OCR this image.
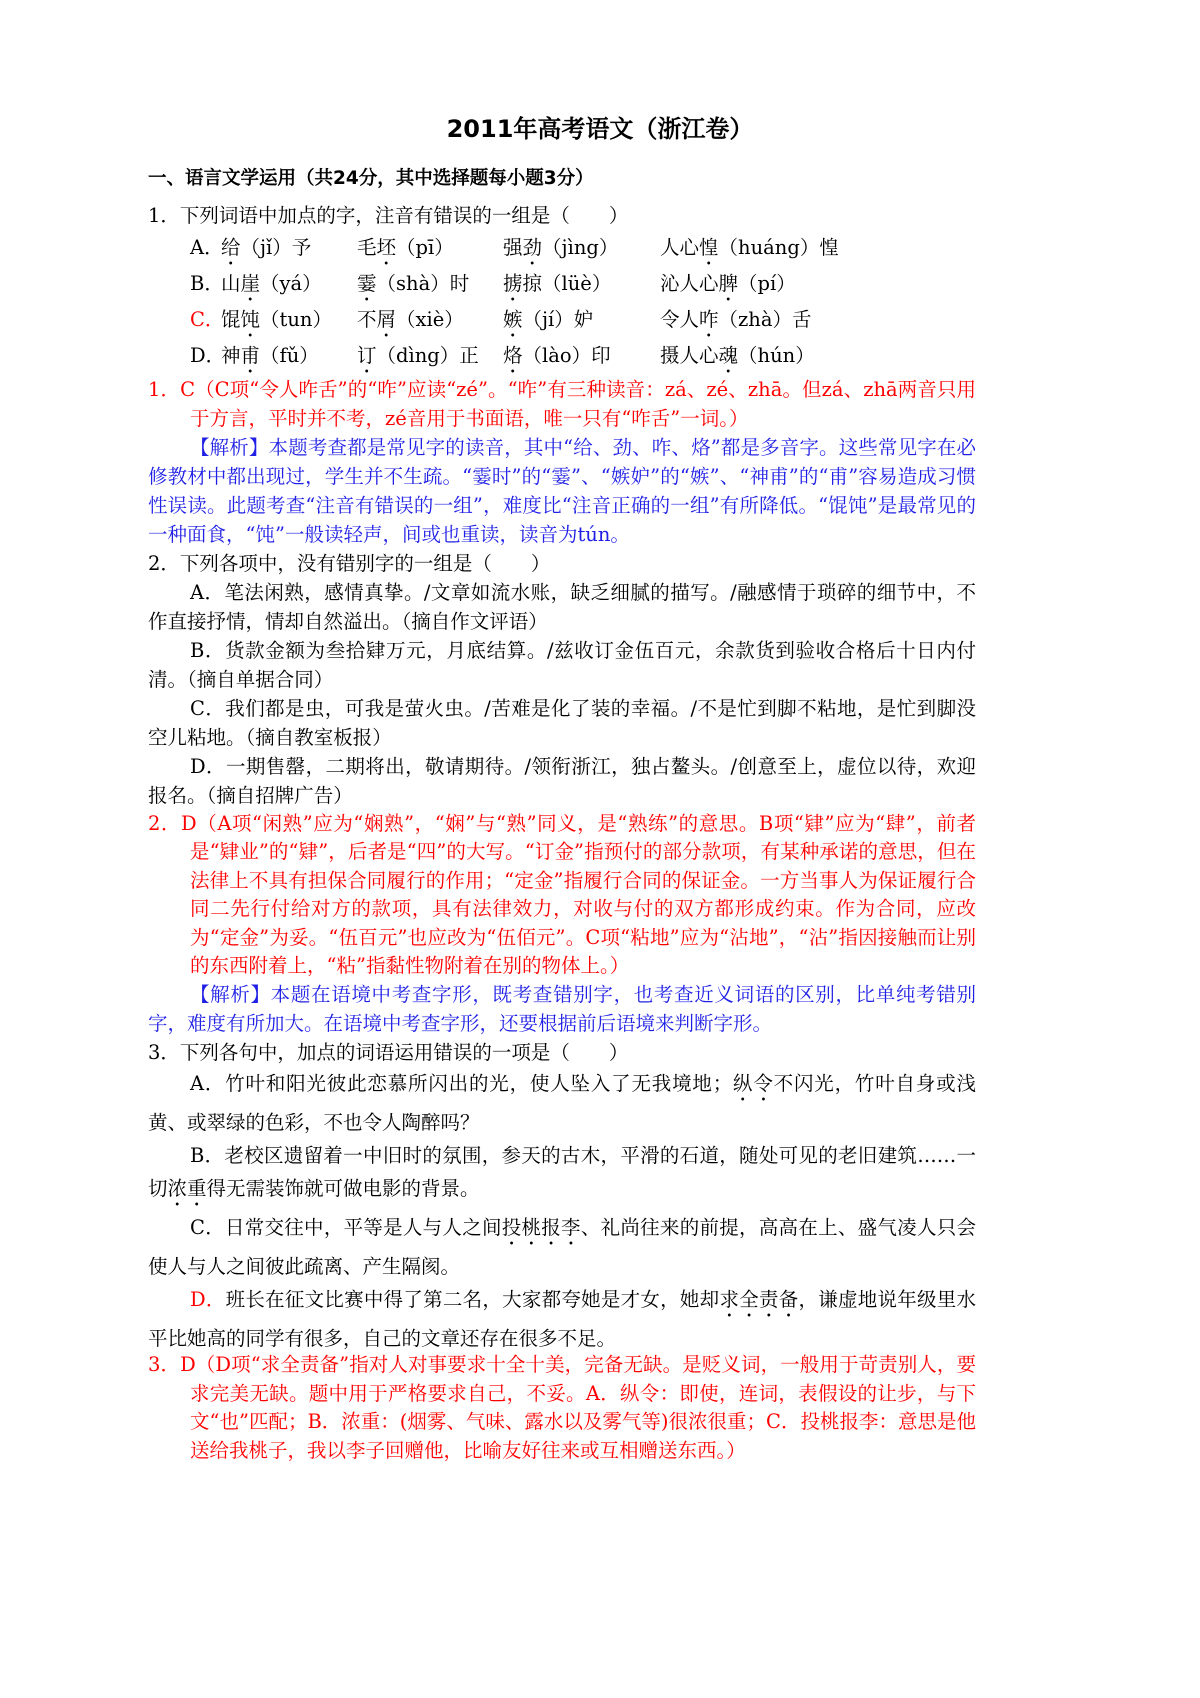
2011年高考语文（浙江卷）

一、语言文学运用（共24分，其中选择题每小题3分）

1．下列词语中加点的字，注音有错误的一组是（　　）

A．
给（jǐ）予 毛坯（pī）	强劲（jìng） 人心惶（huáng）惶
B．
山崖（yá） 霎（shà）时 掳掠（lüè） 沁人心脾（pí）
C．
馄饨（tun） 不屑（xiè） 嫉（jí）妒	令人咋（zhà）舌
D．
神甫（fǔ） 订（dìng）正 烙（lào）印	摄人心魂（hún）

1．C（C项“令人咋舌”的“咋”应读“zé”。“咋”有三种读音：zá、zé、zhā。但zá、zhā两音只用于方言，平时并不考，zé音用于书面语，唯一只有“咋舌”一词。）

【解析】本题考查都是常见字的读音，其中“给、劲、咋、烙”都是多音字。这些常见字在必修教材中都出现过，学生并不生疏。“霎时”的“霎”、“嫉妒”的“嫉”、“神甫”的“甫”容易造成习惯性误读。此题考查“注音有错误的一组”，难度比“注音正确的一组”有所降低。“馄饨”是最常见的一种面食，“饨”一般读轻声，间或也重读，读音为tún。

2．下列各项中，没有错别字的一组是（　　）

A．笔法闲熟，感情真挚。/文章如流水账，缺乏细腻的描写。/融感情于琐碎的细节中，不作直接抒情，情却自然溢出。（摘自作文评语）

B．货款金额为叁拾肄万元，月底结算。/兹收订金伍百元，余款货到验收合格后十日内付清。（摘自单据合同）

C．我们都是虫，可我是萤火虫。/苦难是化了装的幸福。/不是忙到脚不粘地，是忙到脚没空儿粘地。（摘自教室板报）

D．一期售罄，二期将出，敬请期待。/领衔浙江，独占鳌头。/创意至上，虚位以待，欢迎报名。（摘自招牌广告）

2．D（A项“闲熟”应为“娴熟”，“娴”与“熟”同义，是“熟练”的意思。B项“肄”应为“肆”，前者是“肄业”的“肄”，后者是“四”的大写。“订金”指预付的部分款项，有某种承诺的意思，但在法律上不具有担保合同履行的作用；“定金”指履行合同的保证金。一方当事人为保证履行合同二先行付给对方的款项，具有法律效力，对收与付的双方都形成约束。作为合同，应改为“定金”为妥。“伍百元”也应改为“伍佰元”。C项“粘地”应为“沾地”，“沾”指因接触而让别的东西附着上，“粘”指黏性物附着在别的物体上。）

【解析】本题在语境中考查字形，既考查错别字，也考查近义词语的区别，比单纯考错别字，难度有所加大。在语境中考查字形，还要根据前后语境来判断字形。

3．下列各句中，加点的词语运用错误的一项是（　　）

A．竹叶和阳光彼此恋慕所闪出的光，使人坠入了无我境地；纵令不闪光，竹叶自身或浅黄、或翠绿的色彩，不也令人陶醉吗？

B．老校区遗留着一中旧时的氛围，参天的古木，平滑的石道，随处可见的老旧建筑……一切浓重得无需装饰就可做电影的背景。

C．日常交往中，平等是人与人之间投桃报李、礼尚往来的前提，高高在上、盛气凌人只会使人与人之间彼此疏离、产生隔阂。

D．班长在征文比赛中得了第二名，大家都夸她是才女，她却求全责备，谦虚地说年级里水平比她高的同学有很多，自己的文章还存在很多不足。

3．D（D项“求全责备”指对人对事要求十全十美，完备无缺。是贬义词，一般用于苛责别人，要求完美无缺。题中用于严格要求自己，不妥。A．纵令：即使，连词，表假设的让步，与下文“也”匹配；B．浓重：(烟雾、气味、露水以及雾气等)很浓很重；C．投桃报李：意思是他送给我桃子，我以李子回赠他，比喻友好往来或互相赠送东西。）
